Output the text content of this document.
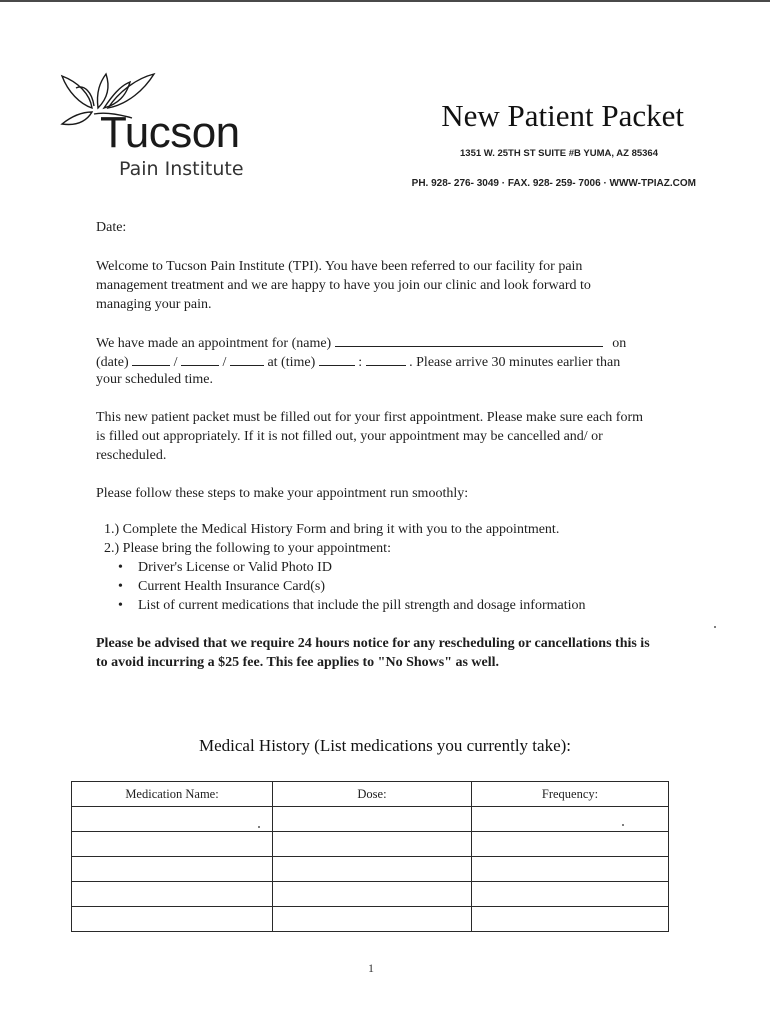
Tucson
Pain Institute
New Patient Packet
1351 W. 25TH ST SUITE #B YUMA, AZ 85364
PH. 928- 276- 3049 · FAX. 928- 259- 7006 · WWW-TPIAZ.COM
Date:
Welcome to Tucson Pain Institute (TPI). You have been referred to our facility for pain management treatment and we are happy to have you join our clinic and look forward to managing your pain.
We have made an appointment for (name)	on
(date)	/	/	at (time)	:	. Please arrive 30 minutes earlier than
your scheduled time.
This new patient packet must be filled out for your first appointment. Please make sure each form is filled out appropriately. If it is not filled out, your appointment may be cancelled and/ or rescheduled.
Please follow these steps to make your appointment run smoothly:
1.) Complete the Medical History Form and bring it with you to the appointment.
2.) Please bring the following to your appointment:
• Driver's License or Valid Photo ID
• Current Health Insurance Card(s)
• List of current medications that include the pill strength and dosage information
Please be advised that we require 24 hours notice for any rescheduling or cancellations this is to avoid incurring a $25 fee. This fee applies to "No Shows" as well.
Medical History (List medications you currently take):
Medication Name:	Dose:	Frequency:

1
